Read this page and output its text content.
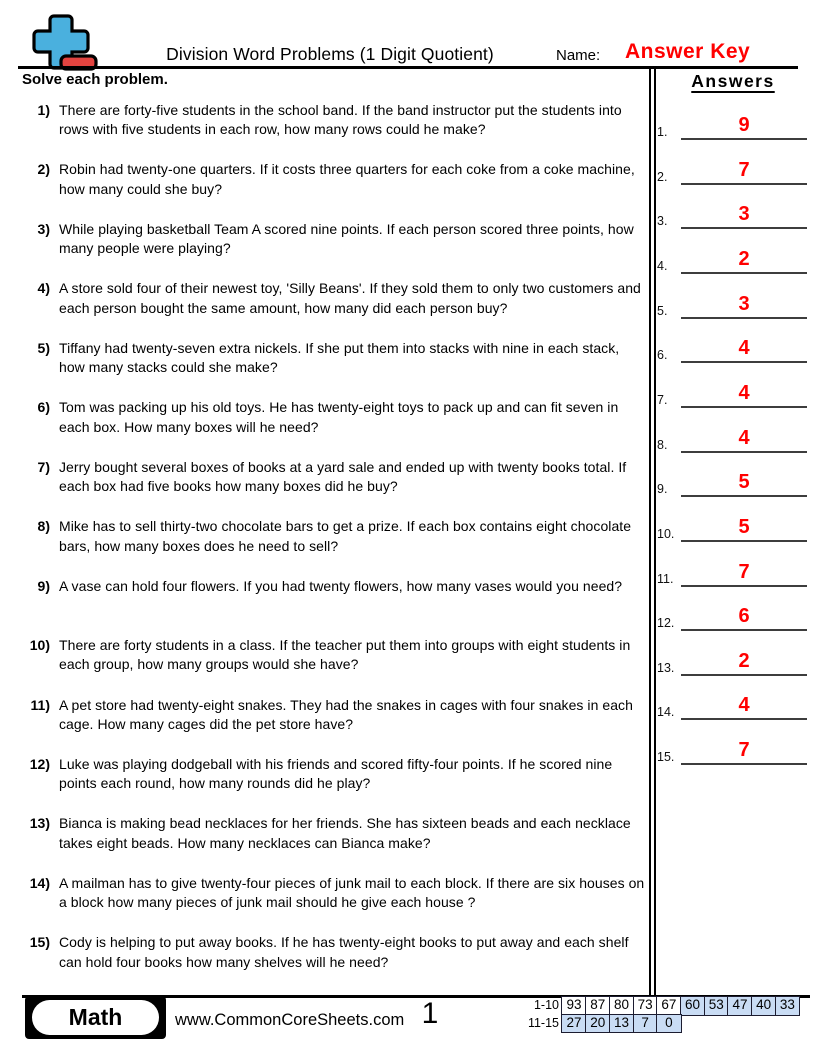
Division Word Problems (1 Digit Quotient)	Name: Answer Key
Solve each problem.
1) There are forty-five students in the school band. If the band instructor put the students into rows with five students in each row, how many rows could he make?
2) Robin had twenty-one quarters. If it costs three quarters for each coke from a coke machine, how many could she buy?
3) While playing basketball Team A scored nine points. If each person scored three points, how many people were playing?
4) A store sold four of their newest toy, 'Silly Beans'. If they sold them to only two customers and each person bought the same amount, how many did each person buy?
5) Tiffany had twenty-seven extra nickels. If she put them into stacks with nine in each stack, how many stacks could she make?
6) Tom was packing up his old toys. He has twenty-eight toys to pack up and can fit seven in each box. How many boxes will he need?
7) Jerry bought several boxes of books at a yard sale and ended up with twenty books total. If each box had five books how many boxes did he buy?
8) Mike has to sell thirty-two chocolate bars to get a prize. If each box contains eight chocolate bars, how many boxes does he need to sell?
9) A vase can hold four flowers. If you had twenty flowers, how many vases would you need?
10) There are forty students in a class. If the teacher put them into groups with eight students in each group, how many groups would she have?
11) A pet store had twenty-eight snakes. They had the snakes in cages with four snakes in each cage. How many cages did the pet store have?
12) Luke was playing dodgeball with his friends and scored fifty-four points. If he scored nine points each round, how many rounds did he play?
13) Bianca is making bead necklaces for her friends. She has sixteen beads and each necklace takes eight beads. How many necklaces can Bianca make?
14) A mailman has to give twenty-four pieces of junk mail to each block. If there are six houses on a block how many pieces of junk mail should he give each house ?
15) Cody is helping to put away books. If he has twenty-eight books to put away and each shelf can hold four books how many shelves will he need?
Answers
1.	9
2.	7
3.	3
4.	2
5.	3
6.	4
7.	4
8.	4
9.	5
10.	5
11.	7
12.	6
13.	2
14.	4
15.	7
Math	www.CommonCoreSheets.com 1	1-10 93 87 80 73 67 60 53 47 40 33
11-15 27 20 13 7	0
